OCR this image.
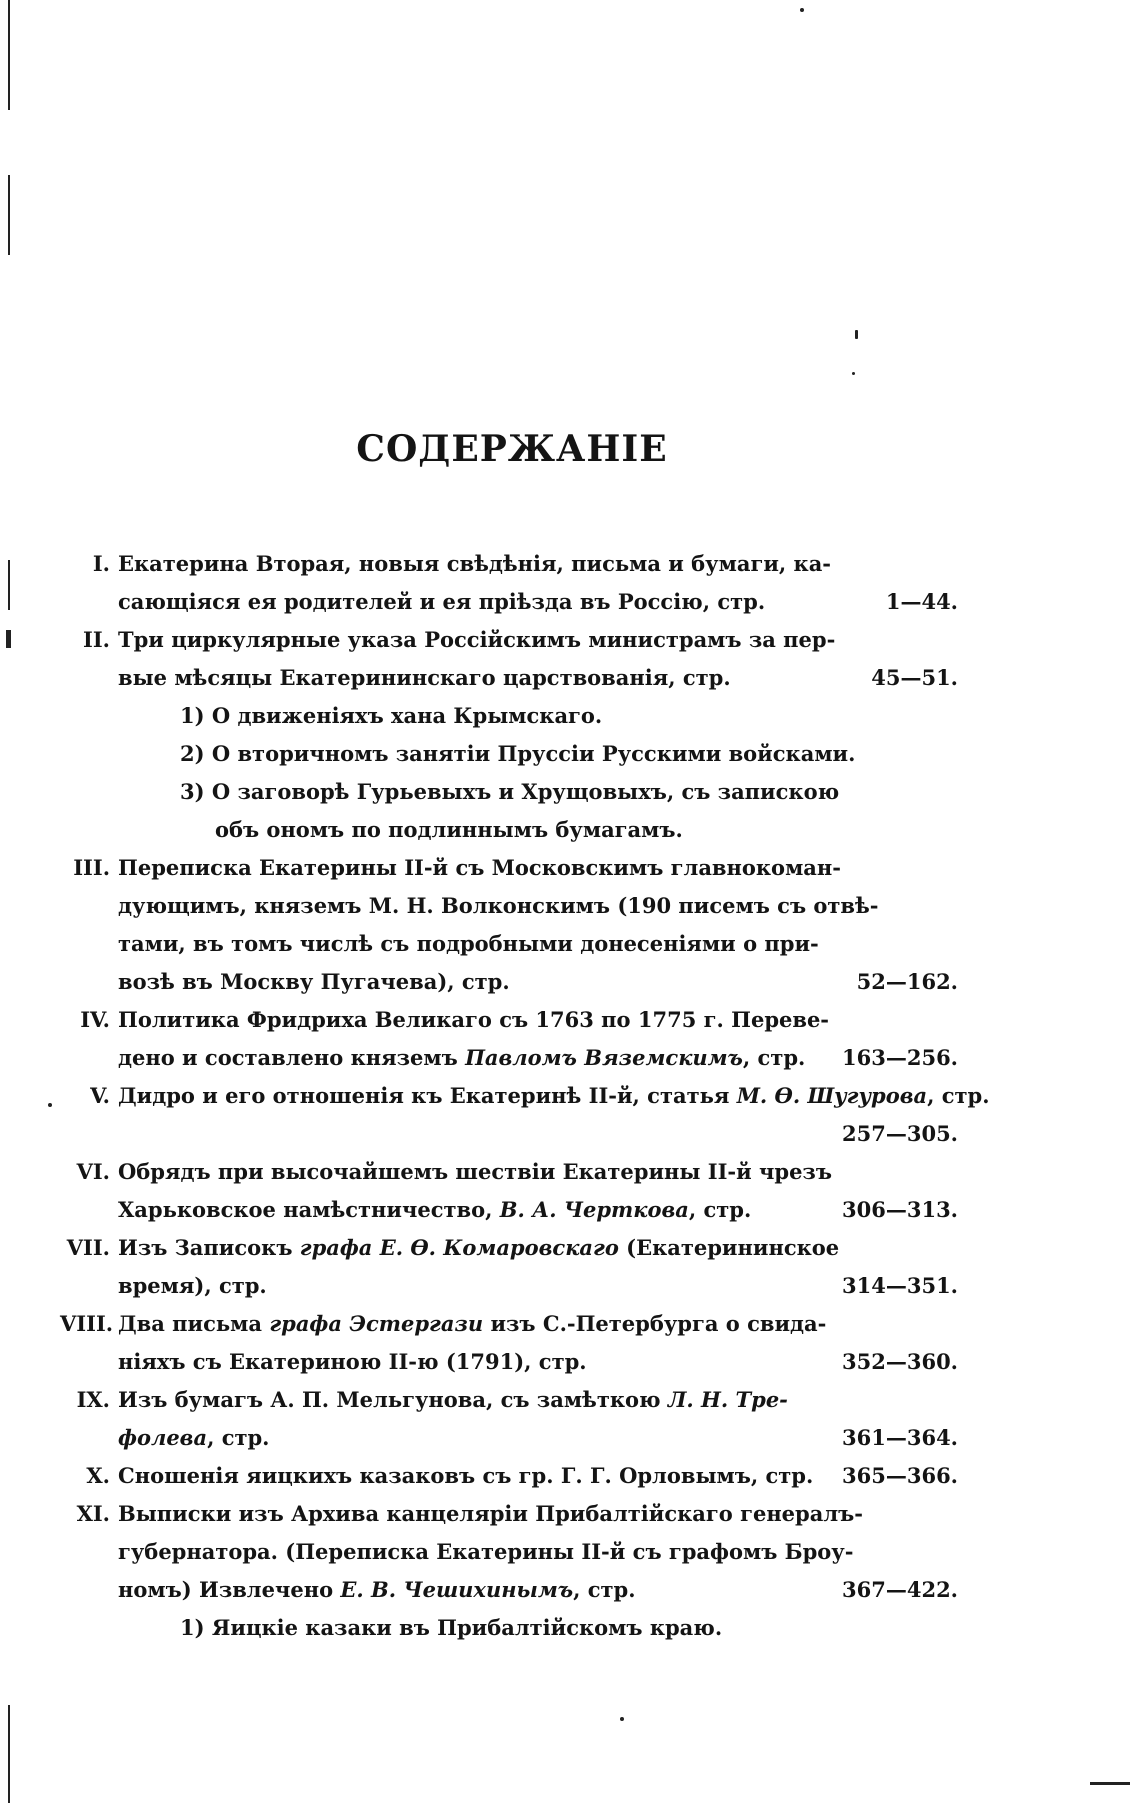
СОДЕРЖАНІЕ
I. Екатерина Вторая, новыя свѣдѣнія, письма и бумаги, ка-
сающіяся ея родителей и ея пріѣзда въ Россію, стр.	1—44.
II. Три циркулярные указа Россійскимъ министрамъ за пер-
вые мѣсяцы Екатерининскаго царствованія, стр.	45—51.
1) О движеніяхъ хана Крымскаго.
2) О вторичномъ занятіи Пруссіи Русскими войсками.
3) О заговорѣ Гурьевыхъ и Хрущовыхъ, съ запискою
объ ономъ по подлиннымъ бумагамъ.
III. Переписка Екатерины II-й съ Московскимъ главнокоман-
дующимъ, княземъ М. Н. Волконскимъ (190 писемъ съ отвѣ-
тами, въ томъ числѣ съ подробными донесеніями о при-
возѣ въ Москву Пугачева), стр.	52—162.
IV. Политика Фридриха Великаго съ 1763 по 1775 г. Переве-
дено и составлено княземъ Павломъ Вяземскимъ, стр. 163—256.
V. Дидро и его отношенія къ Екатеринѣ II-й, статья М. Ѳ. Шугурова, стр.
257—305.
VI. Обрядъ при высочайшемъ шествіи Екатерины II-й чрезъ
Харьковское намѣстничество, В. А. Черткова, стр.	306—313.
VII. Изъ Записокъ графа Е. Ѳ. Комаровскаго (Екатерининское
время), стр.	314—351.
VIII. Два письма графа Эстергази изъ С.-Петербурга о свида-
ніяхъ съ Екатериною II-ю (1791), стр.	352—360.
IX. Изъ бумагъ А. П. Мельгунова, съ замѣткою Л. Н. Тре-
фолева, стр.	361—364.
X. Сношенія яицкихъ казаковъ съ гр. Г. Г. Орловымъ, стр. 365—366.
XI. Выписки изъ Архива канцеляріи Прибалтійскаго генералъ-
губернатора. (Переписка Екатерины II-й съ графомъ Броу-
номъ) Извлечено Е. В. Чешихинымъ, стр.	367—422.
1) Яицкіе казаки въ Прибалтійскомъ краю.
